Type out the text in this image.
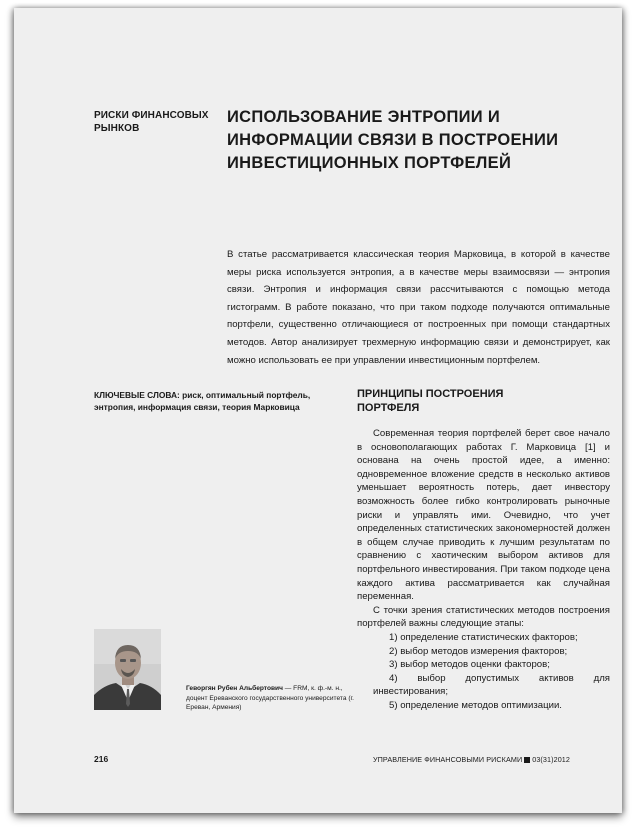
РИСКИ ФИНАНСОВЫХ
РЫНКОВ
ИСПОЛЬЗОВАНИЕ ЭНТРОПИИ И
ИНФОРМАЦИИ СВЯЗИ В ПОСТРОЕНИИ
ИНВЕСТИЦИОННЫХ ПОРТФЕЛЕЙ

В статье рассматривается классическая теория Марковица, в которой в качестве меры риска используется энтропия, а в качестве меры взаимосвязи — энтропия связи. Энтропия и информация связи рассчитываются с помощью метода гистограмм. В работе показано, что при таком подходе получаются оптимальные портфели, существенно отличающиеся от построенных при помощи стандартных методов. Автор анализирует трехмерную информацию связи и демонстрирует, как можно использовать ее при управлении инвестиционным портфелем.

КЛЮЧЕВЫЕ СЛОВА: риск, оптимальный портфель, энтропия, информация связи, теория Марковица
ПРИНЦИПЫ ПОСТРОЕНИЯ
ПОРТФЕЛЯ

Современная теория портфелей берет свое начало в основополагающих работах Г. Марковица [1] и основана на очень простой идее, а именно: одновременное вложение средств в несколько активов уменьшает вероятность потерь, дает инвестору возможность более гибко контролировать рыночные риски и управлять ими. Очевидно, что учет определенных статистических закономерностей должен в общем случае приводить к лучшим результатам по сравнению с хаотическим выбором активов для портфельного инвестирования. При таком подходе цена каждого актива рассматривается как случайная переменная.

С точки зрения статистических методов построения портфелей важны следующие этапы:

1) определение статистических факторов;

2) выбор методов измерения факторов;

3) выбор методов оценки факторов;

4) выбор допустимых активов для инвестирования;

5) определение методов оптимизации.

Геворгян Рубен Альбертович — FRM, к. ф.-м. н., доцент Ереванского государственного университета (г. Ереван, Армения)
216	УПРАВЛЕНИЕ ФИНАНСОВЫМИ РИСКАМИ 03(31)2012
